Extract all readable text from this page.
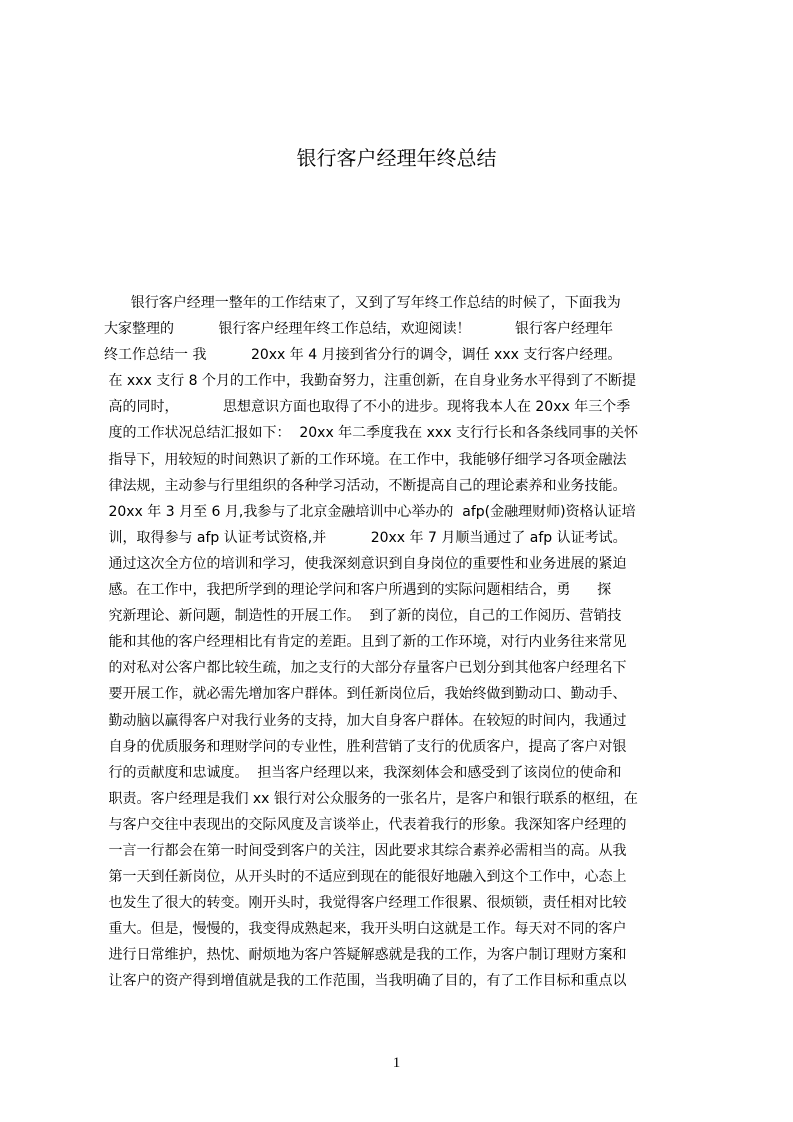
银行客户经理年终总结
银行客户经理一整年的工作结束了，又到了写年终工作总结的时候了，下面我为
大家整理的          银行客户经理年终工作总结，欢迎阅读！          银行客户经理年
终工作总结一 我          20xx 年 4 月接到省分行的调令，调任 xxx 支行客户经理。
在 xxx 支行 8 个月的工作中，我勤奋努力，注重创新，在自身业务水平得到了不断提
高的同时，          思想意识方面也取得了不小的进步。现将我本人在 20xx 年三个季
度的工作状况总结汇报如下：  20xx 年二季度我在 xxx 支行行长和各条线同事的关怀
指导下，用较短的时间熟识了新的工作环境。在工作中，我能够仔细学习各项金融法
律法规，主动参与行里组织的各种学习活动，不断提高自己的理论素养和业务技能。
20xx 年 3 月至 6 月,我参与了北京金融培训中心举办的  afp(金融理财师)资格认证培
训，取得参与 afp 认证考试资格,并          20xx 年 7 月顺当通过了 afp 认证考试。
通过这次全方位的培训和学习，使我深刻意识到自身岗位的重要性和业务进展的紧迫
感。在工作中，我把所学到的理论学问和客户所遇到的实际问题相结合，勇      探
究新理论、新问题，制造性的开展工作。  到了新的岗位，自己的工作阅历、营销技
能和其他的客户经理相比有肯定的差距。且到了新的工作环境，对行内业务往来常见
的对私对公客户都比较生疏，加之支行的大部分存量客户已划分到其他客户经理名下
要开展工作，就必需先增加客户群体。到任新岗位后，我始终做到勤动口、勤动手、
勤动脑以赢得客户对我行业务的支持，加大自身客户群体。在较短的时间内，我通过
自身的优质服务和理财学问的专业性，胜利营销了支行的优质客户，提高了客户对银
行的贡献度和忠诚度。  担当客户经理以来，我深刻体会和感受到了该岗位的使命和
职责。客户经理是我们 xx 银行对公众服务的一张名片，是客户和银行联系的枢纽，在
与客户交往中表现出的交际风度及言谈举止，代表着我行的形象。我深知客户经理的
一言一行都会在第一时间受到客户的关注，因此要求其综合素养必需相当的高。从我
第一天到任新岗位，从开头时的不适应到现在的能很好地融入到这个工作中，心态上
也发生了很大的转变。刚开头时，我觉得客户经理工作很累、很烦锁，责任相对比较
重大。但是，慢慢的，我变得成熟起来，我开头明白这就是工作。每天对不同的客户
进行日常维护，热忱、耐烦地为客户答疑解惑就是我的工作，为客户制订理财方案和
让客户的资产得到增值就是我的工作范围，当我明确了目的，有了工作目标和重点以
1
